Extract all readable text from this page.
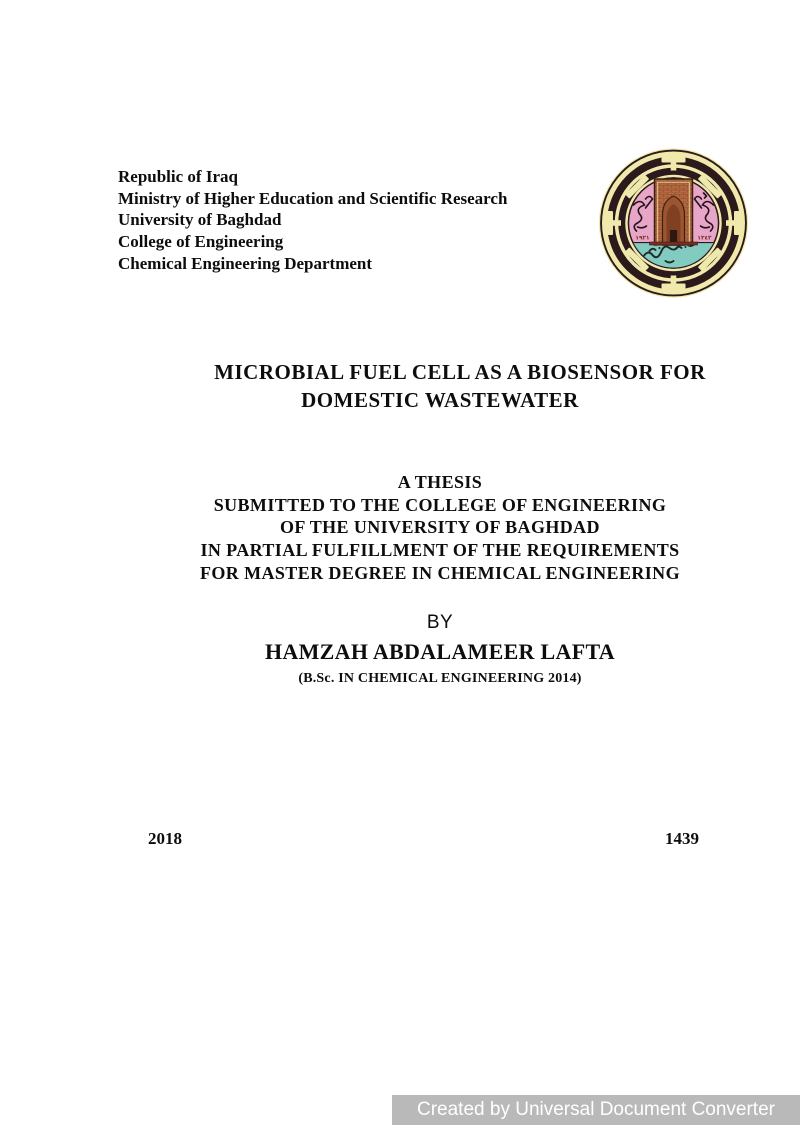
Republic of Iraq
Ministry of Higher Education and Scientific Research
University of Baghdad
College of Engineering
Chemical Engineering Department
١٩٢١	١٣٤٢
MICROBIAL FUEL CELL AS A BIOSENSOR FOR
DOMESTIC WASTEWATER
A THESIS
SUBMITTED TO THE COLLEGE OF ENGINEERING
OF THE UNIVERSITY OF BAGHDAD
IN PARTIAL FULFILLMENT OF THE REQUIREMENTS
FOR MASTER DEGREE IN CHEMICAL ENGINEERING
BY
HAMZAH ABDALAMEER LAFTA
(B.Sc. IN CHEMICAL ENGINEERING 2014)
2018	1439
Created by Universal Document Converter
